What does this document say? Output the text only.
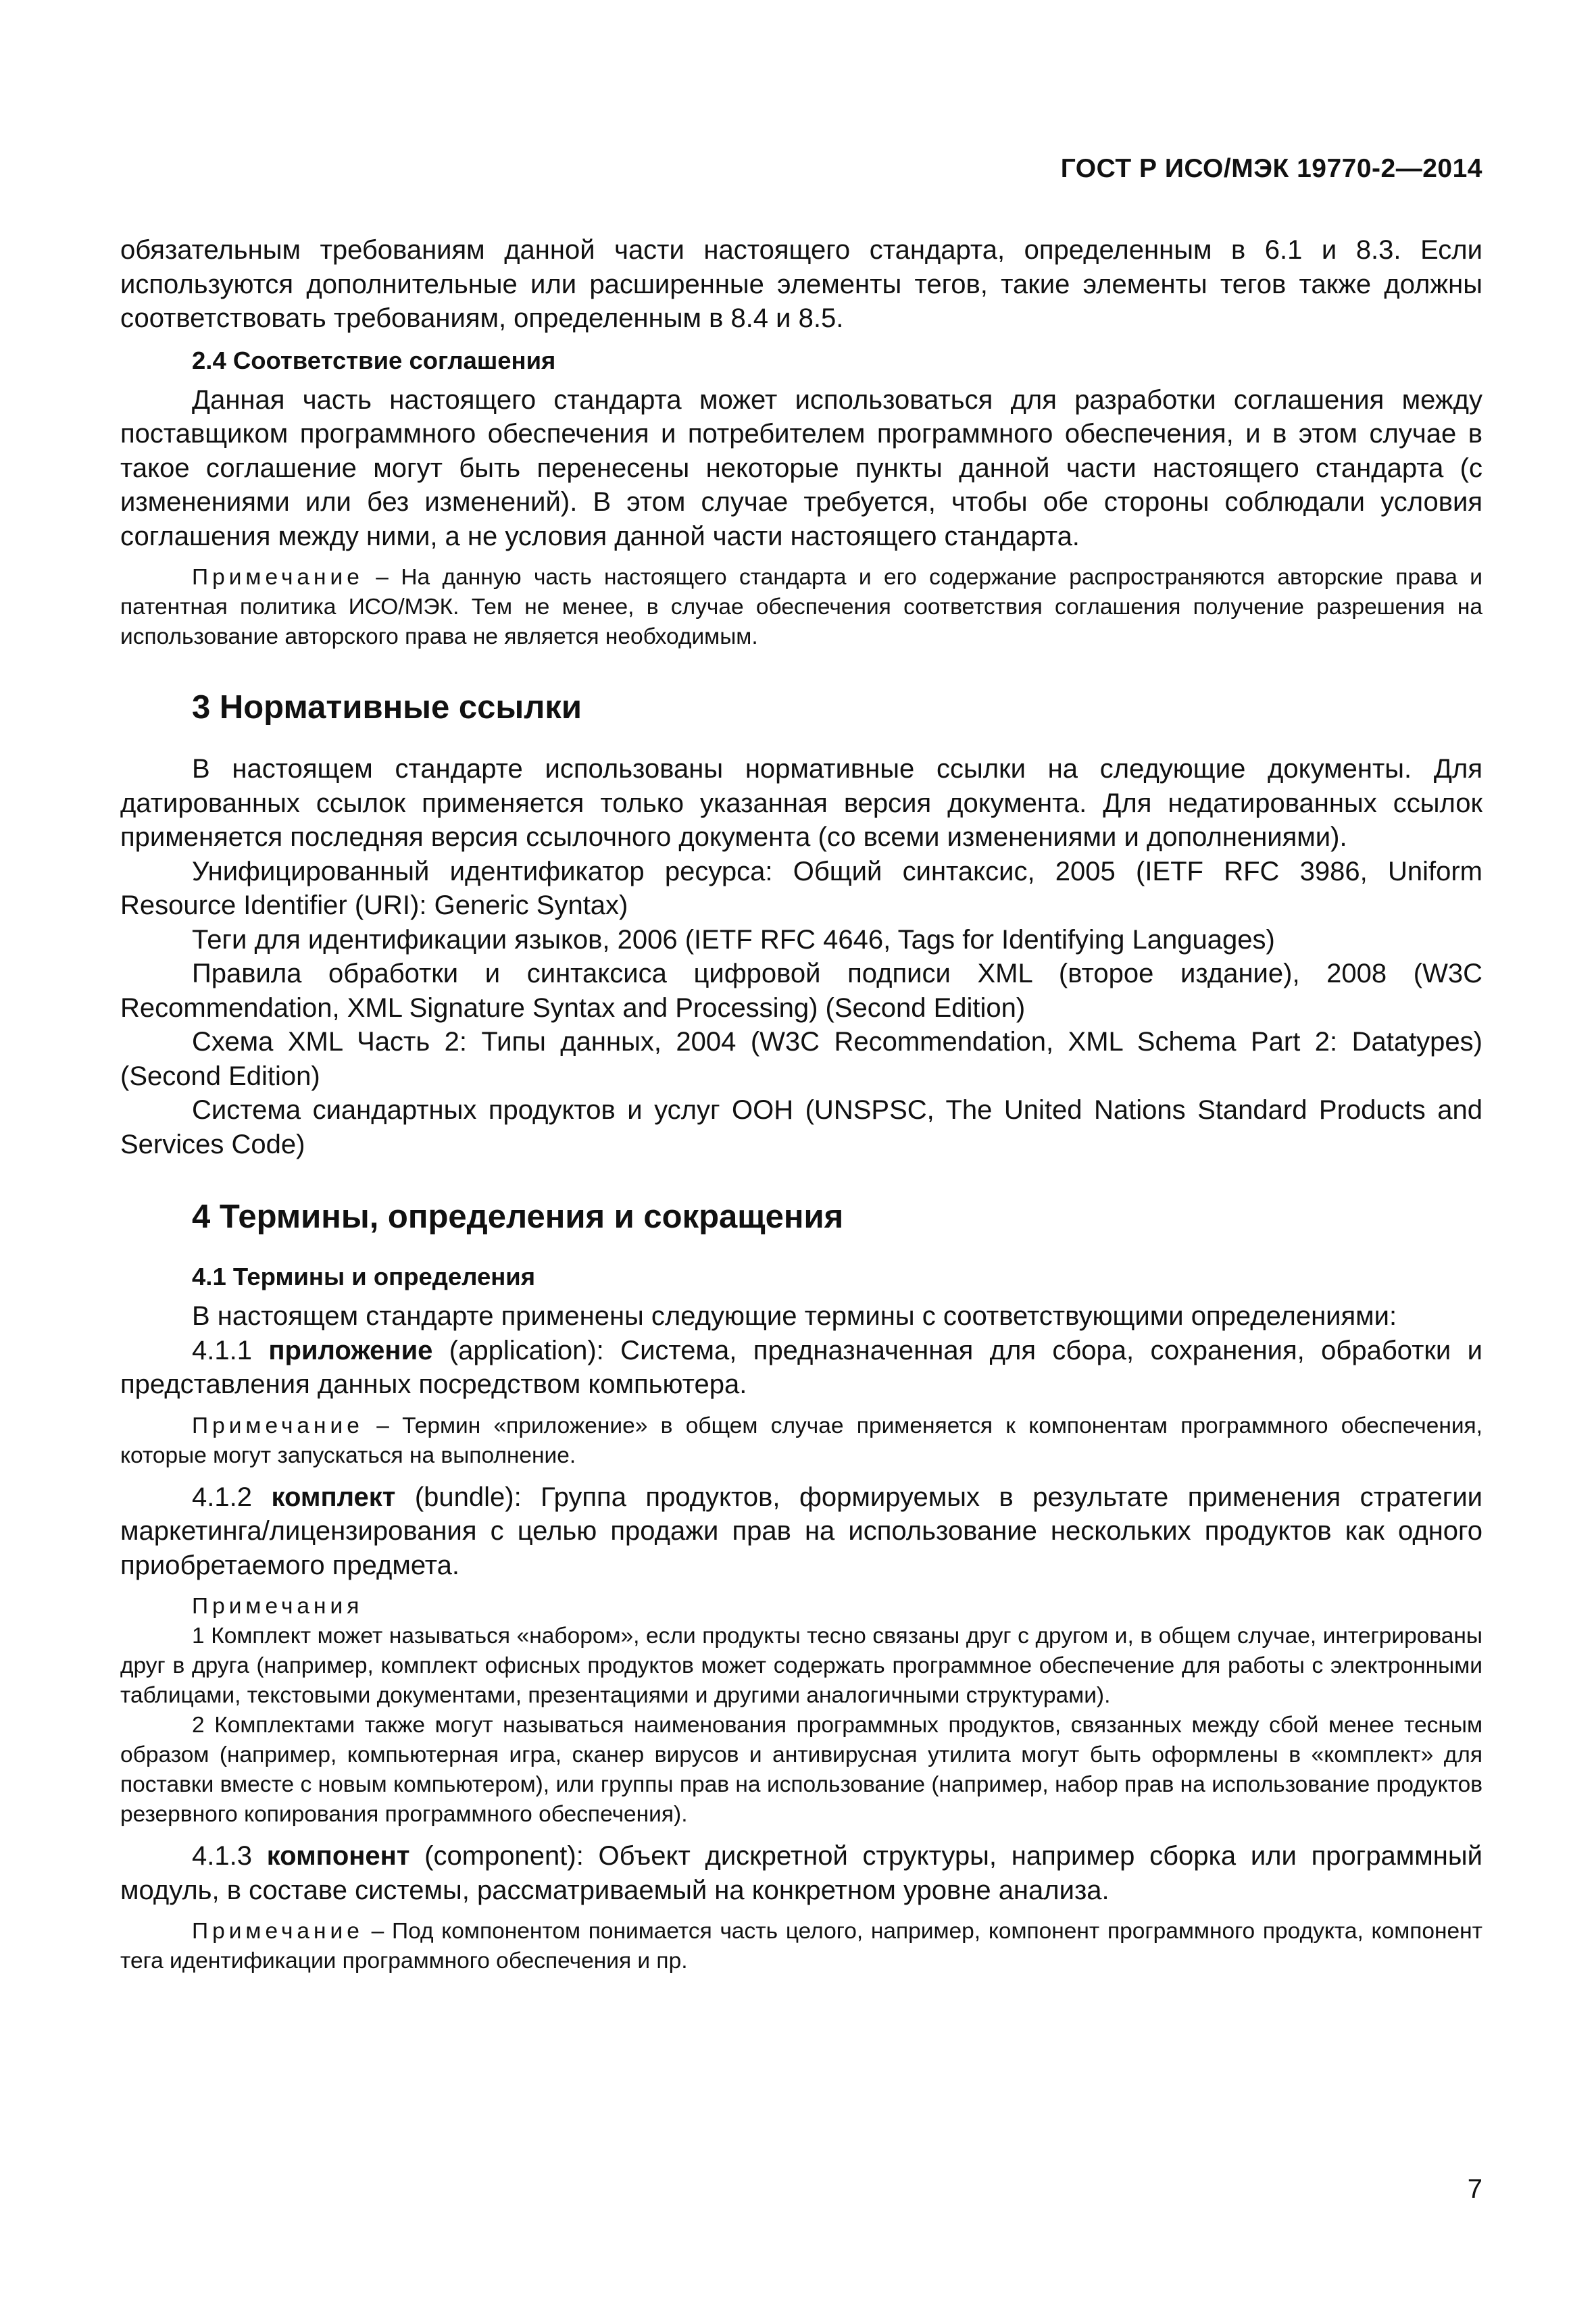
ГОСТ Р ИСО/МЭК 19770-2—2014

обязательным требованиям данной части настоящего стандарта, определенным в 6.1 и 8.3. Если используются дополнительные или расширенные элементы тегов, такие элементы тегов также должны соответствовать требованиям, определенным в 8.4 и 8.5.

2.4 Соответствие соглашения

Данная часть настоящего стандарта может использоваться для разработки соглашения между поставщиком программного обеспечения и потребителем программного обеспечения, и в этом случае в такое соглашение могут быть перенесены некоторые пункты данной части настоящего стандарта (с изменениями или без изменений). В этом случае требуется, чтобы обе стороны соблюдали условия соглашения между ними, а не условия данной части настоящего стандарта.

Примечание – На данную часть настоящего стандарта и его содержание распространяются авторские права и патентная политика ИСО/МЭК. Тем не менее, в случае обеспечения соответствия соглашения получение разрешения на использование авторского права не является необходимым.

3 Нормативные ссылки

В настоящем стандарте использованы нормативные ссылки на следующие документы. Для датированных ссылок применяется только указанная версия документа. Для недатированных ссылок применяется последняя версия ссылочного документа (со всеми изменениями и дополнениями).

Унифицированный идентификатор ресурса: Общий синтаксис, 2005 (IETF RFC 3986, Uniform Resource Identifier (URI): Generic Syntax)

Теги для идентификации языков, 2006 (IETF RFC 4646, Tags for Identifying Languages)

Правила обработки и синтаксиса цифровой подписи XML (второе издание), 2008 (W3C Recommendation, XML Signature Syntax and Processing) (Second Edition)

Схема XML Часть 2: Типы данных, 2004 (W3C Recommendation, XML Schema Part 2: Datatypes) (Second Edition)

Система сиандартных продуктов и услуг ООН (UNSPSC, The United Nations Standard Products and Services Code)

4 Термины, определения и сокращения
4.1 Термины и определения

В настоящем стандарте применены следующие термины с соответствующими определениями:

4.1.1 приложение (application): Система, предназначенная для сбора, сохранения, обработки и представления данных посредством компьютера.

Примечание – Термин «приложение» в общем случае применяется к компонентам программного обеспечения, которые могут запускаться на выполнение.

4.1.2 комплект (bundle): Группа продуктов, формируемых в результате применения стратегии маркетинга/лицензирования с целью продажи прав на использование нескольких продуктов как одного приобретаемого предмета.

Примечания

1 Комплект может называться «набором», если продукты тесно связаны друг с другом и, в общем случае, интегрированы друг в друга (например, комплект офисных продуктов может содержать программное обеспечение для работы с электронными таблицами, текстовыми документами, презентациями и другими аналогичными структурами).

2 Комплектами также могут называться наименования программных продуктов, связанных между сбой менее тесным образом (например, компьютерная игра, сканер вирусов и антивирусная утилита могут быть оформлены в «комплект» для поставки вместе с новым компьютером), или группы прав на использование (например, набор прав на использование продуктов резервного копирования программного обеспечения).

4.1.3 компонент (component): Объект дискретной структуры, например сборка или программный модуль, в составе системы, рассматриваемый на конкретном уровне анализа.

Примечание – Под компонентом понимается часть целого, например, компонент программного продукта, компонент тега идентификации программного обеспечения и пр.

7
